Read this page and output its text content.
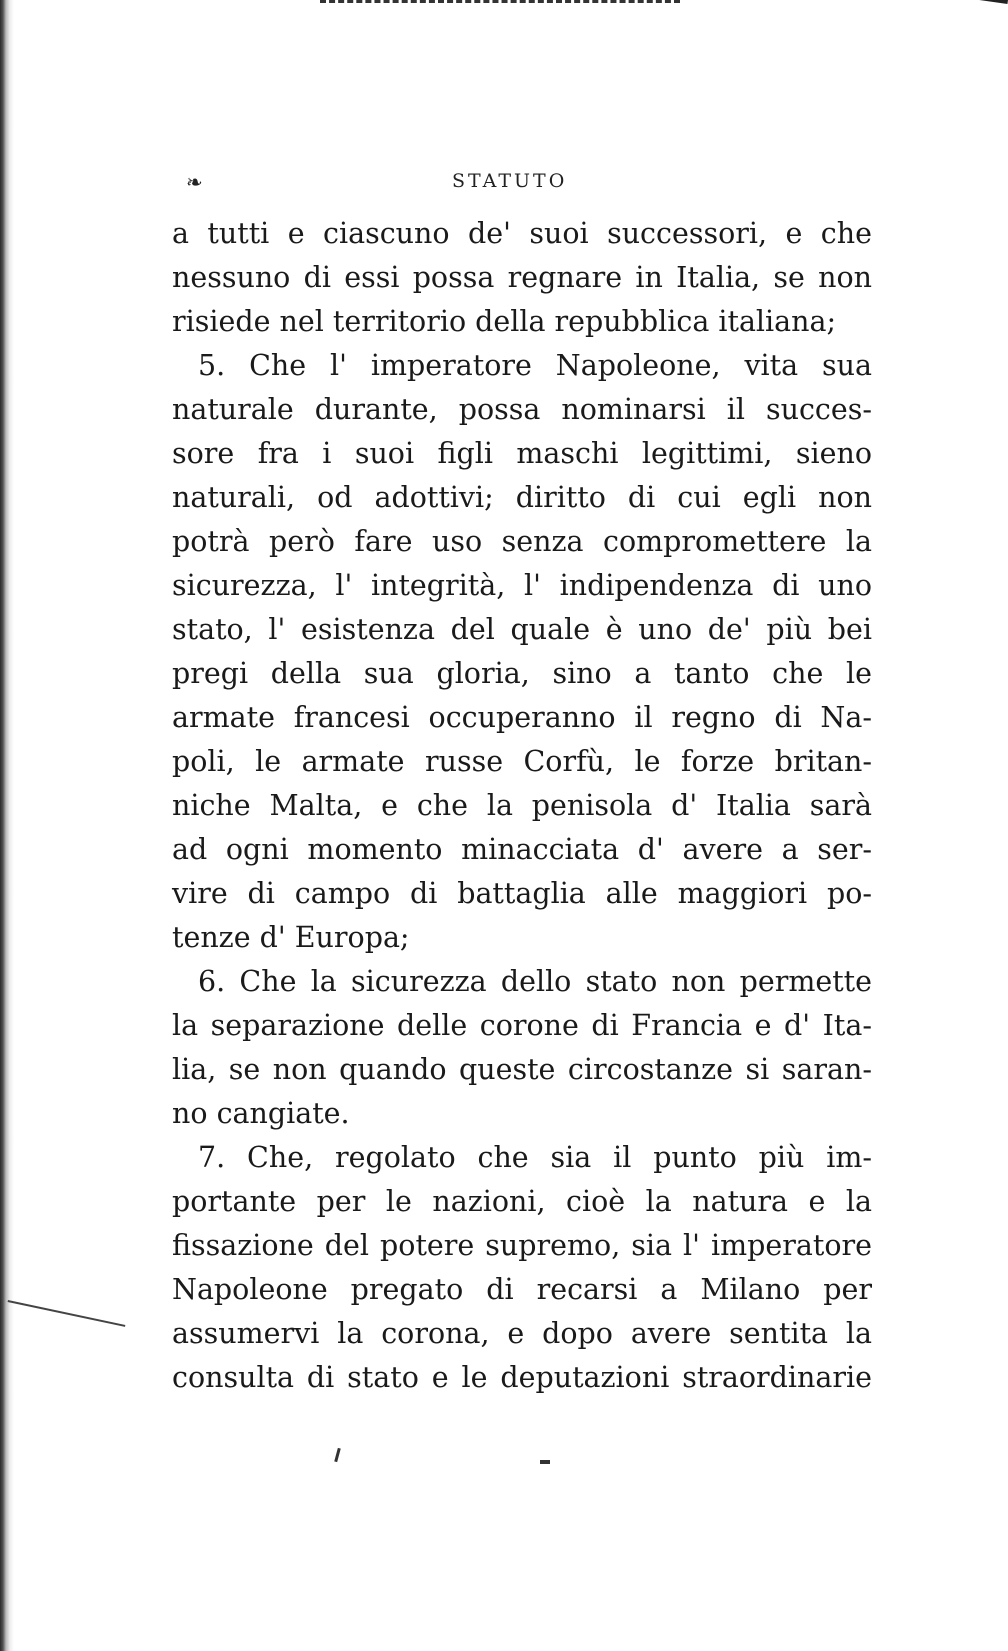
❧	STATUTO
a tutti e ciascuno de' suoi successori, e che
nessuno di essi possa regnare in Italia, se non
risiede nel territorio della repubblica italiana;
5. Che l' imperatore Napoleone, vita sua
naturale durante, possa nominarsi il succes-
sore fra i suoi figli maschi legittimi, sieno
naturali, od adottivi; diritto di cui egli non
potrà però fare uso senza compromettere la
sicurezza, l' integrità, l' indipendenza di uno
stato, l' esistenza del quale è uno de' più bei
pregi della sua gloria, sino a tanto che le
armate francesi occuperanno il regno di Na-
poli, le armate russe Corfù, le forze britan-
niche Malta, e che la penisola d' Italia sarà
ad ogni momento minacciata d' avere a ser-
vire di campo di battaglia alle maggiori po-
tenze d' Europa;
6. Che la sicurezza dello stato non permette
la separazione delle corone di Francia e d' Ita-
lia, se non quando queste circostanze si saran-
no cangiate.
7. Che, regolato che sia il punto più im-
portante per le nazioni, cioè la natura e la
fissazione del potere supremo, sia l' imperatore
Napoleone pregato di recarsi a Milano per
assumervi la corona, e dopo avere sentita la
consulta di stato e le deputazioni straordinarie
